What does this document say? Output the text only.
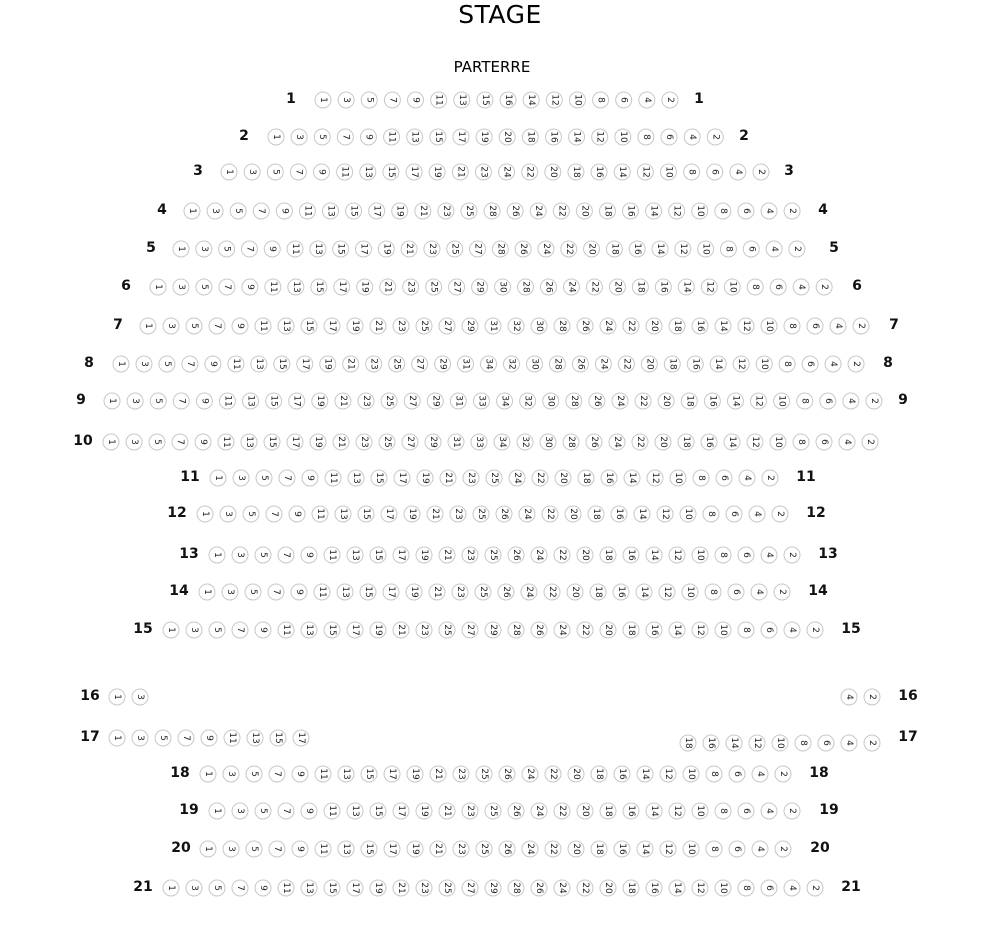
STAGE
PARTERRE
1	1
1 3 5 7 9 11 13 15 16 14 12 10 8 6 4 2
2	2
1 3 5 7 9 11 13 15 17 19 20 18 16 14 12 10 8 6 4 2
3	3
1 3 5 7 9 11 13 15 17 19 21 23 24 22 20 18 16 14 12 10 8 6 4 2
4	4
1 3 5 7 9 11 13 15 17 19 21 23 25 28 26 24 22 20 18 16 14 12 10 8 6 4 2
5	5
1 3 5 7 9 11 13 15 17 19 21 23 25 27 28 26 24 22 20 18 16 14 12 10 8 6 4 2
6	6
1 3 5 7 9 11 13 15 17 19 21 23 25 27 29 30 28 26 24 22 20 18 16 14 12 10 8 6 4 2
7	7
1 3 5 7 9 11 13 15 17 19 21 23 25 27 29 31 32 30 28 26 24 22 20 18 16 14 12 10 8 6 4 2
8	8
1 3 5 7 9 11 13 15 17 19 21 23 25 27 29 31 34 32 30 28 26 24 22 20 18 16 14 12 10 8 6 4 2
9	9
1 3 5 7 9 11 13 15 17 19 21 23 25 27 29 31 33 34 32 30 28 26 24 22 20 18 16 14 12 10 8 6 4 2
10 1 3 5 7 9 11 13 15 17 19 21 23 25 27 29 31 33 34 32 30 28 26 24 22 20 18 16 14 12 10 8 6 4 2
11	11
1 3 5 7 9 11 13 15 17 19 21 23 25 24 22 20 18 16 14 12 10 8 6 4 2
12	12
1 3 5 7 9 11 13 15 17 19 21 23 25 26 24 22 20 18 16 14 12 10 8 6 4 2
13	13
1 3 5 7 9 11 13 15 17 19 21 23 25 26 24 22 20 18 16 14 12 10 8 6 4 2
14	14
1 3 5 7 9 11 13 15 17 19 21 23 25 26 24 22 20 18 16 14 12 10 8 6 4 2
15	15
1 3 5 7 9 11 13 15 17 19 21 23 25 27 29 28 26 24 22 20 18 16 14 12 10 8 6 4 2
16	16
1 3	4 2
17	17
1 3 5 7 9 11 13 15 17	18 16 14 12 10 8 6 4 2
18	18
1 3 5 7 9 11 13 15 17 19 21 23 25 26 24 22 20 18 16 14 12 10 8 6 4 2
19	19
1 3 5 7 9 11 13 15 17 19 21 23 25 26 24 22 20 18 16 14 12 10 8 6 4 2
20	20
1 3 5 7 9 11 13 15 17 19 21 23 25 26 24 22 20 18 16 14 12 10 8 6 4 2
21	21
1 3 5 7 9 11 13 15 17 19 21 23 25 27 29 28 26 24 22 20 18 16 14 12 10 8 6 4 2
